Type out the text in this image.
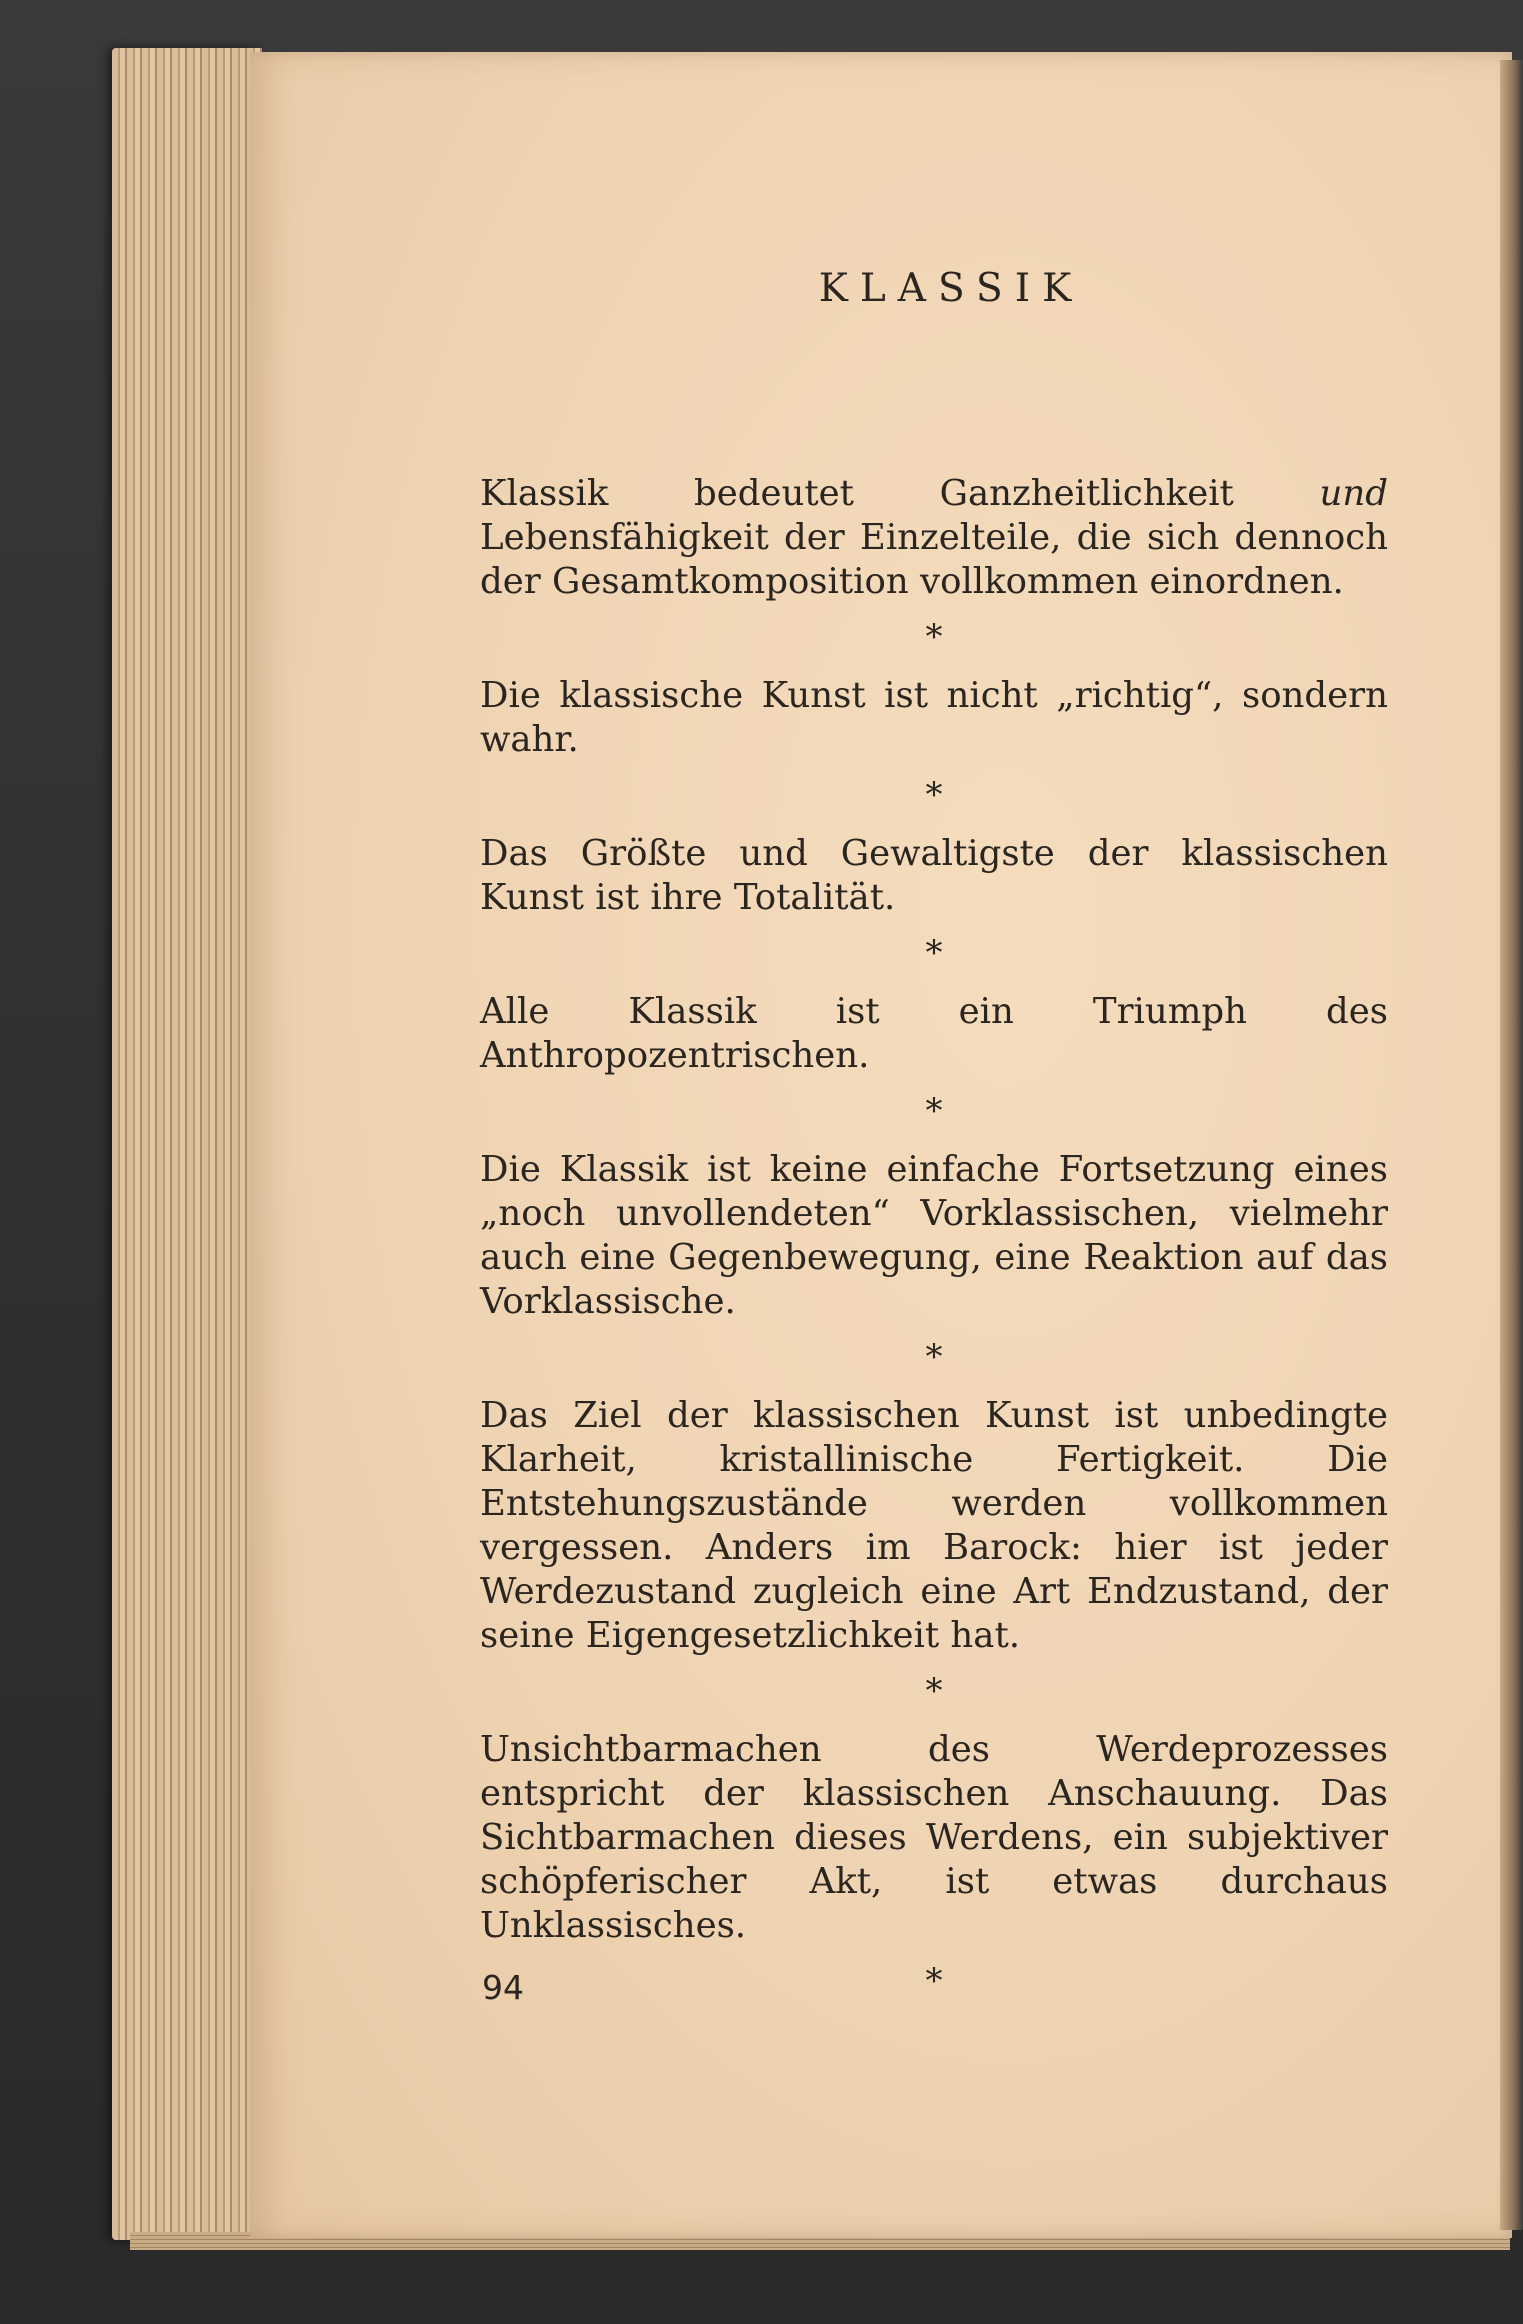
KLASSIK

Klassik bedeutet Ganzheitlichkeit und Lebensfähigkeit der Einzelteile, die sich dennoch der Gesamtkomposition vollkommen einordnen.

*

Die klassische Kunst ist nicht „richtig“, sondern wahr.

*

Das Größte und Gewaltigste der klassischen Kunst ist ihre Totalität.

*

Alle Klassik ist ein Triumph des Anthropozentrischen.

*

Die Klassik ist keine einfache Fortsetzung eines „noch unvollendeten“ Vorklassischen, vielmehr auch eine Gegenbewegung, eine Reaktion auf das Vorklassische.

*

Das Ziel der klassischen Kunst ist unbedingte Klarheit, kristallinische Fertigkeit. Die Entstehungszustände werden vollkommen vergessen. Anders im Barock: hier ist jeder Werdezustand zugleich eine Art Endzustand, der seine Eigengesetzlichkeit hat.

*

Unsichtbarmachen des Werdeprozesses entspricht der klassischen Anschauung. Das Sichtbarmachen dieses Werdens, ein subjektiver schöpferischer Akt, ist etwas durchaus Unklassisches.

*

94
